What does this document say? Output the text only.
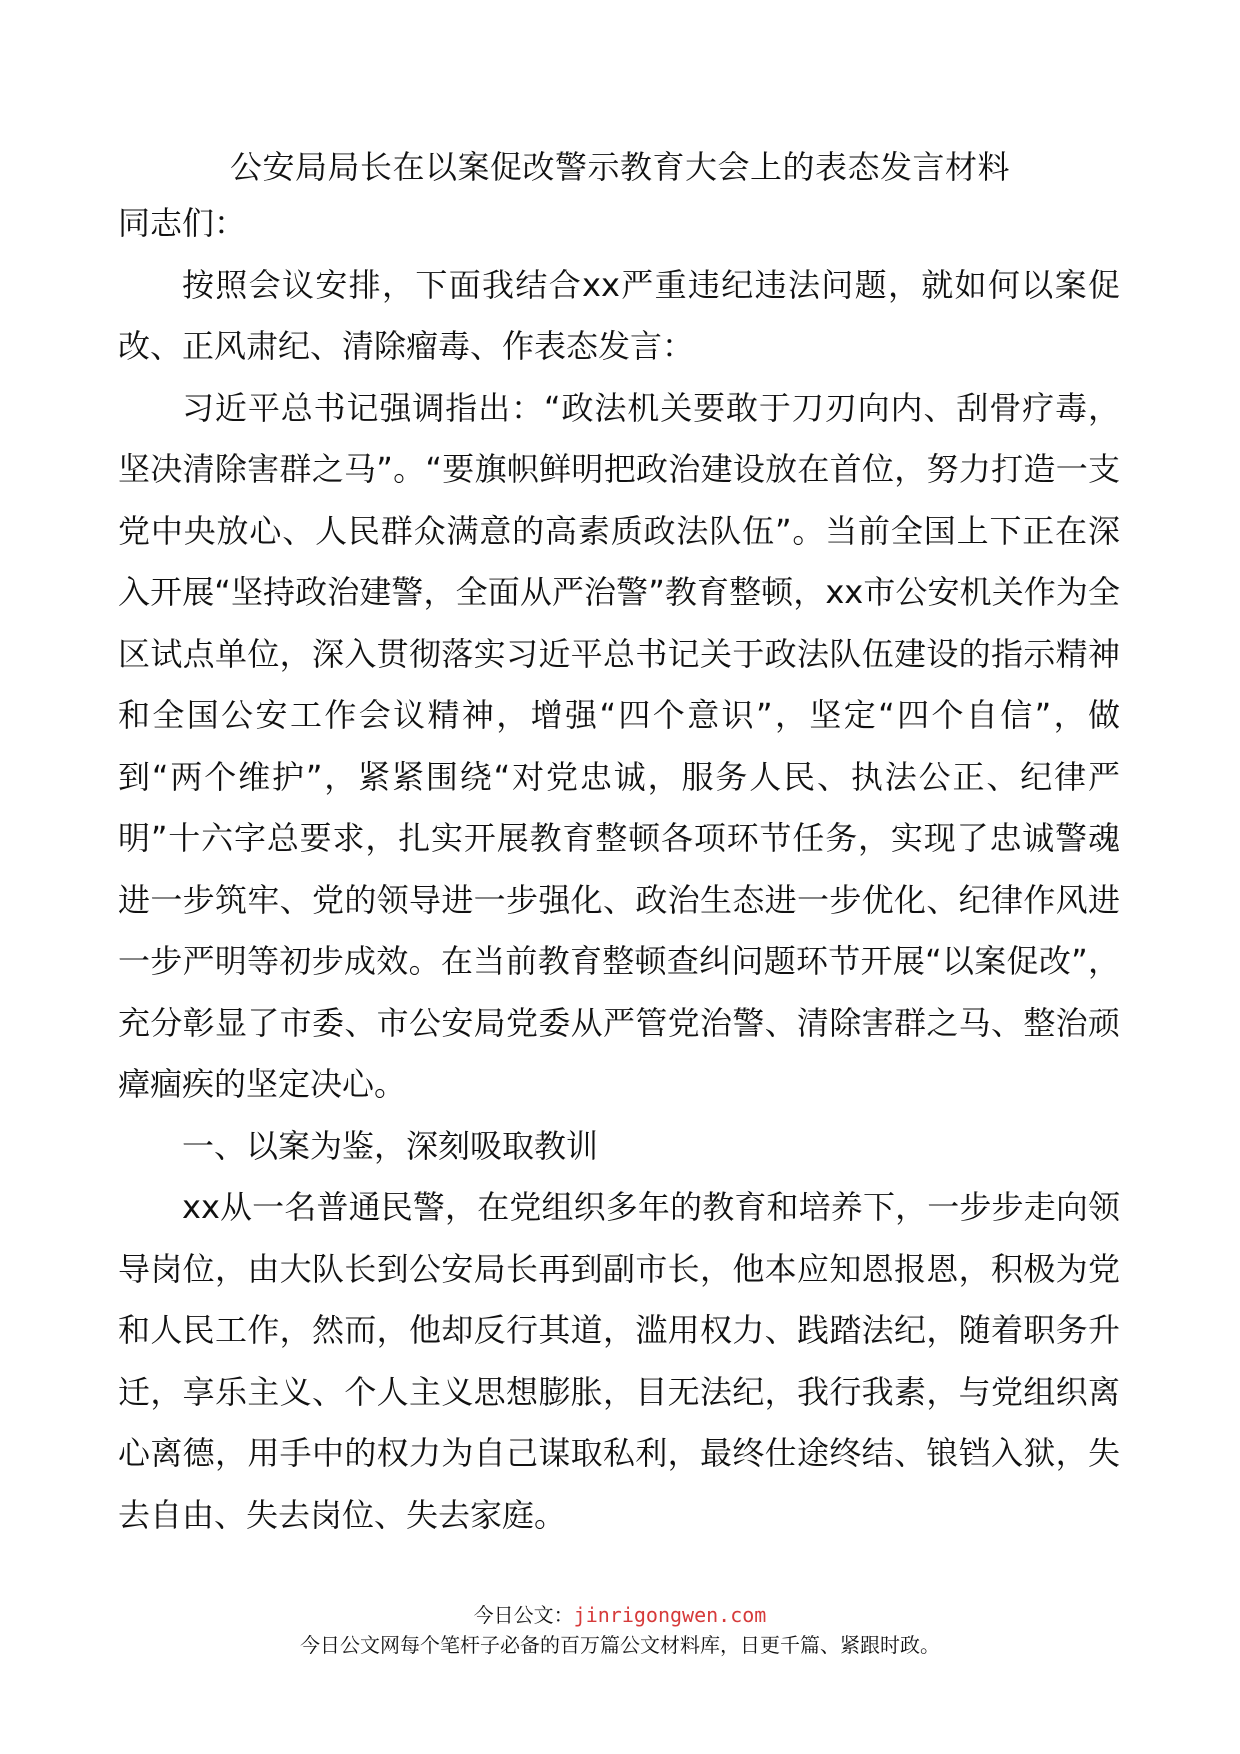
公安局局长在以案促改警示教育大会上的表态发言材料

同志们：

按照会议安排，下面我结合xx严重违纪违法问题，就如何以案促改、正风肃纪、清除瘤毒、作表态发言：

习近平总书记强调指出：“政法机关要敢于刀刃向内、刮骨疗毒，坚决清除害群之马”。“要旗帜鲜明把政治建设放在首位，努力打造一支党中央放心、人民群众满意的高素质政法队伍”。当前全国上下正在深入开展“坚持政治建警，全面从严治警”教育整顿，xx市公安机关作为全区试点单位，深入贯彻落实习近平总书记关于政法队伍建设的指示精神和全国公安工作会议精神，增强“四个意识”，坚定“四个自信”，做到“两个维护”，紧紧围绕“对党忠诚，服务人民、执法公正、纪律严明”十六字总要求，扎实开展教育整顿各项环节任务，实现了忠诚警魂进一步筑牢、党的领导进一步强化、政治生态进一步优化、纪律作风进一步严明等初步成效。在当前教育整顿查纠问题环节开展“以案促改”，充分彰显了市委、市公安局党委从严管党治警、清除害群之马、整治顽瘴痼疾的坚定决心。

一、以案为鉴，深刻吸取教训

xx从一名普通民警，在党组织多年的教育和培养下，一步步走向领导岗位，由大队长到公安局长再到副市长，他本应知恩报恩，积极为党和人民工作，然而，他却反行其道，滥用权力、践踏法纪，随着职务升迁，享乐主义、个人主义思想膨胀，目无法纪，我行我素，与党组织离心离德，用手中的权力为自己谋取私利，最终仕途终结、锒铛入狱，失去自由、失去岗位、失去家庭。

今日公文：jinrigongwen.com
今日公文网每个笔杆子必备的百万篇公文材料库，日更千篇、紧跟时政。
